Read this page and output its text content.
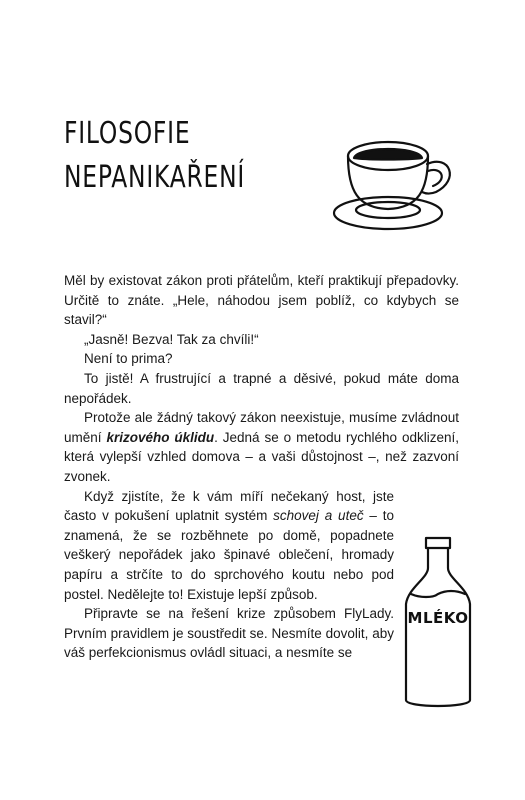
FILOSOFIE
NEPANIKAŘENÍ

Měl by existovat zákon proti přátelům, kteří praktikují přepadovky. Určitě to znáte. „Hele, náhodou jsem poblíž, co kdybych se stavil?“

„Jasně! Bezva! Tak za chvíli!“

Není to prima?

To jistě! A frustrující a trapné a děsivé, pokud máte doma nepořádek.

Protože ale žádný takový zákon neexistuje, musíme zvládnout umění krizového úklidu. Jedná se o metodu rychlého odklizení, která vylepší vzhled domova – a vaši důstojnost –, než zazvoní zvonek.

Když zjistíte, že k vám míří nečekaný host, jste často v pokušení uplatnit systém schovej a uteč – to znamená, že se rozběhnete po domě, popadnete veškerý nepořádek jako špinavé oblečení, hromady papíru a strčíte to do sprchového koutu nebo pod postel. Nedělejte to! Existuje lepší způsob.

Připravte se na řešení krize způsobem FlyLady. Prvním pravidlem je soustředit se. Nesmíte dovolit, aby váš perfekcionismus ovládl situaci, a nesmíte se

MLÉKO
